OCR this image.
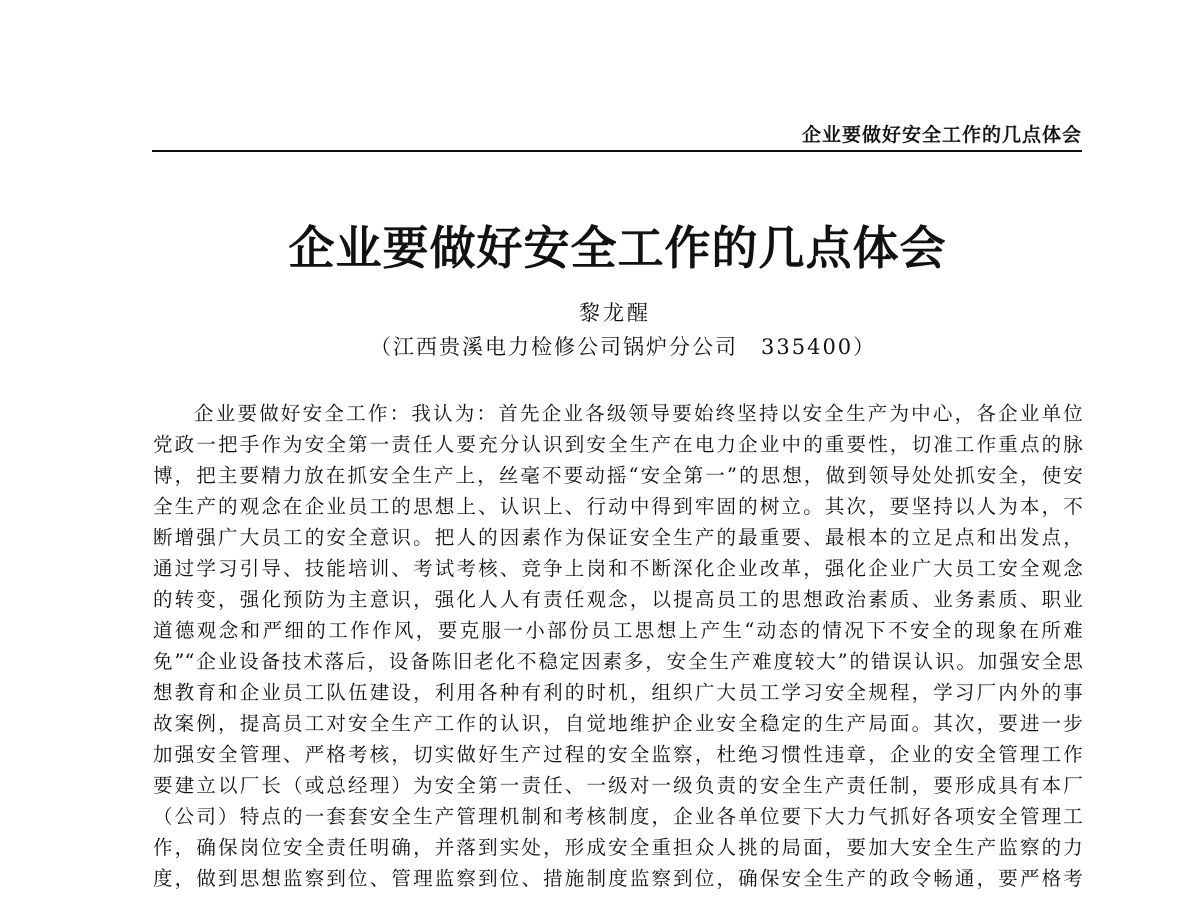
企业要做好安全工作的几点体会
企业要做好安全工作的几点体会
黎龙醒
（江西贵溪电力检修公司锅炉分公司　335400）
企业要做好安全工作：我认为：首先企业各级领导要始终坚持以安全生产为中心，各企业单位
党政一把手作为安全第一责任人要充分认识到安全生产在电力企业中的重要性，切准工作重点的脉
博，把主要精力放在抓安全生产上，丝毫不要动摇“安全第一”的思想，做到领导处处抓安全，使安
全生产的观念在企业员工的思想上、认识上、行动中得到牢固的树立。其次，要坚持以人为本，不
断增强广大员工的安全意识。把人的因素作为保证安全生产的最重要、最根本的立足点和出发点，
通过学习引导、技能培训、考试考核、竞争上岗和不断深化企业改革，强化企业广大员工安全观念
的转变，强化预防为主意识，强化人人有责任观念，以提高员工的思想政治素质、业务素质、职业
道德观念和严细的工作作风，要克服一小部份员工思想上产生“动态的情况下不安全的现象在所难
免”“企业设备技术落后，设备陈旧老化不稳定因素多，安全生产难度较大”的错误认识。加强安全思
想教育和企业员工队伍建设，利用各种有利的时机，组织广大员工学习安全规程，学习厂内外的事
故案例，提高员工对安全生产工作的认识，自觉地维护企业安全稳定的生产局面。其次，要进一步
加强安全管理、严格考核，切实做好生产过程的安全监察，杜绝习惯性违章，企业的安全管理工作
要建立以厂长（或总经理）为安全第一责任、一级对一级负责的安全生产责任制，要形成具有本厂
（公司）特点的一套套安全生产管理机制和考核制度，企业各单位要下大力气抓好各项安全管理工
作，确保岗位安全责任明确，并落到实处，形成安全重担众人挑的局面，要加大安全生产监察的力
度，做到思想监察到位、管理监察到位、措施制度监察到位，确保安全生产的政令畅通，要严格考
